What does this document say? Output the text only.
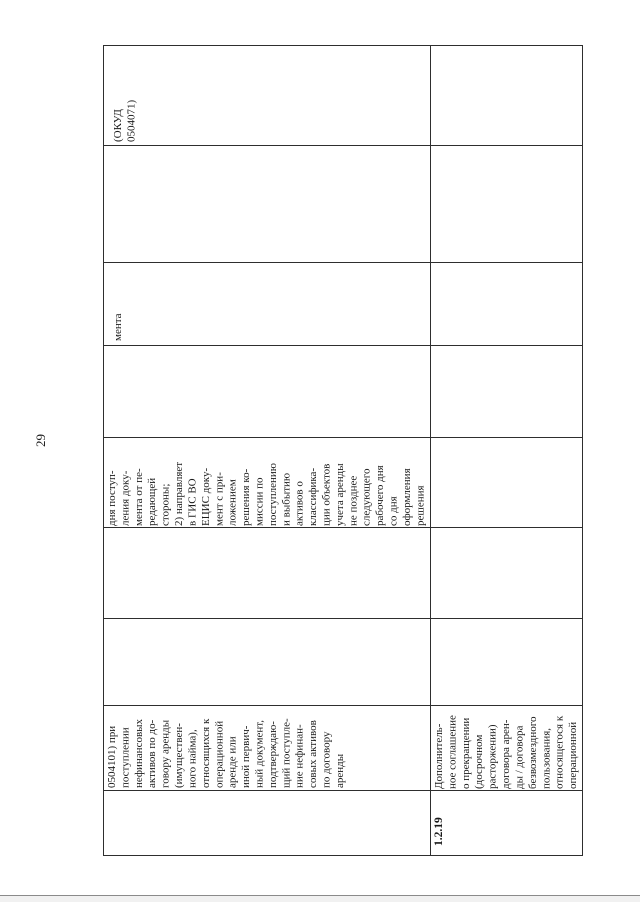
29
(ОКУД
0504071)
мента
дня поступ-
ления доку-
мента от пе-
редающей
стороны;
2) направляет
в ГИС ВО
ЕЦИС доку-
мент с при-
ложением
решения ко-
миссии по
поступлению
и выбытию
активов о
классифика-
ции объектов
учета аренды
не позднее
следующего
рабочего дня
со дня
оформления
решения
0504101) при
поступлении
нефинансовых
активов по до-
говору аренды
(имуществен-
ного найма),
относящихся к
операционной
аренде или
иной первич-
ный документ,
подтверждаю-
щий поступле-
ние нефинан-
совых активов
по договору
аренды	Дополнитель-
ное соглашение
о прекращении
(досрочном
расторжении)
договора арен-
ды / договора
безвозмездного
пользования,
относящегося к
операционной
1.2.19
